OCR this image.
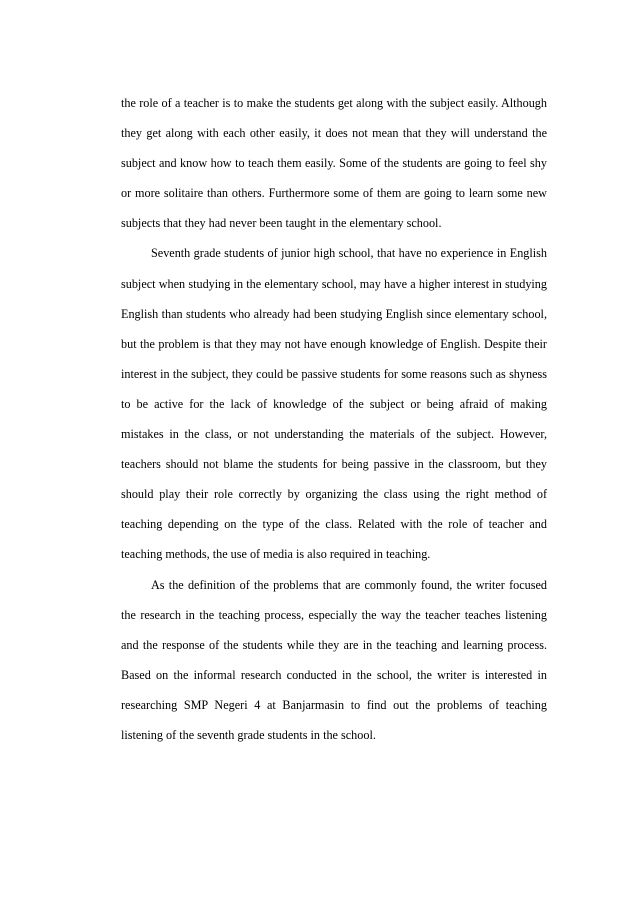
the role of a teacher is to make the students get along with the subject easily. Although they get along with each other easily, it does not mean that they will understand the subject and know how to teach them easily. Some of the students are going to feel shy or more solitaire than others. Furthermore some of them are going to learn some new subjects that they had never been taught in the elementary school.

Seventh grade students of junior high school, that have no experience in English subject when studying in the elementary school, may have a higher interest in studying English than students who already had been studying English since elementary school, but the problem is that they may not have enough knowledge of English. Despite their interest in the subject, they could be passive students for some reasons such as shyness to be active for the lack of knowledge of the subject or being afraid of making mistakes in the class, or not understanding the materials of the subject. However, teachers should not blame the students for being passive in the classroom, but they should play their role correctly by organizing the class using the right method of teaching depending on the type of the class. Related with the role of teacher and teaching methods, the use of media is also required in teaching.

As the definition of the problems that are commonly found, the writer focused the research in the teaching process, especially the way the teacher teaches listening and the response of the students while they are in the teaching and learning process. Based on the informal research conducted in the school, the writer is interested in researching SMP Negeri 4 at Banjarmasin to find out the problems of teaching listening of the seventh grade students in the school.
